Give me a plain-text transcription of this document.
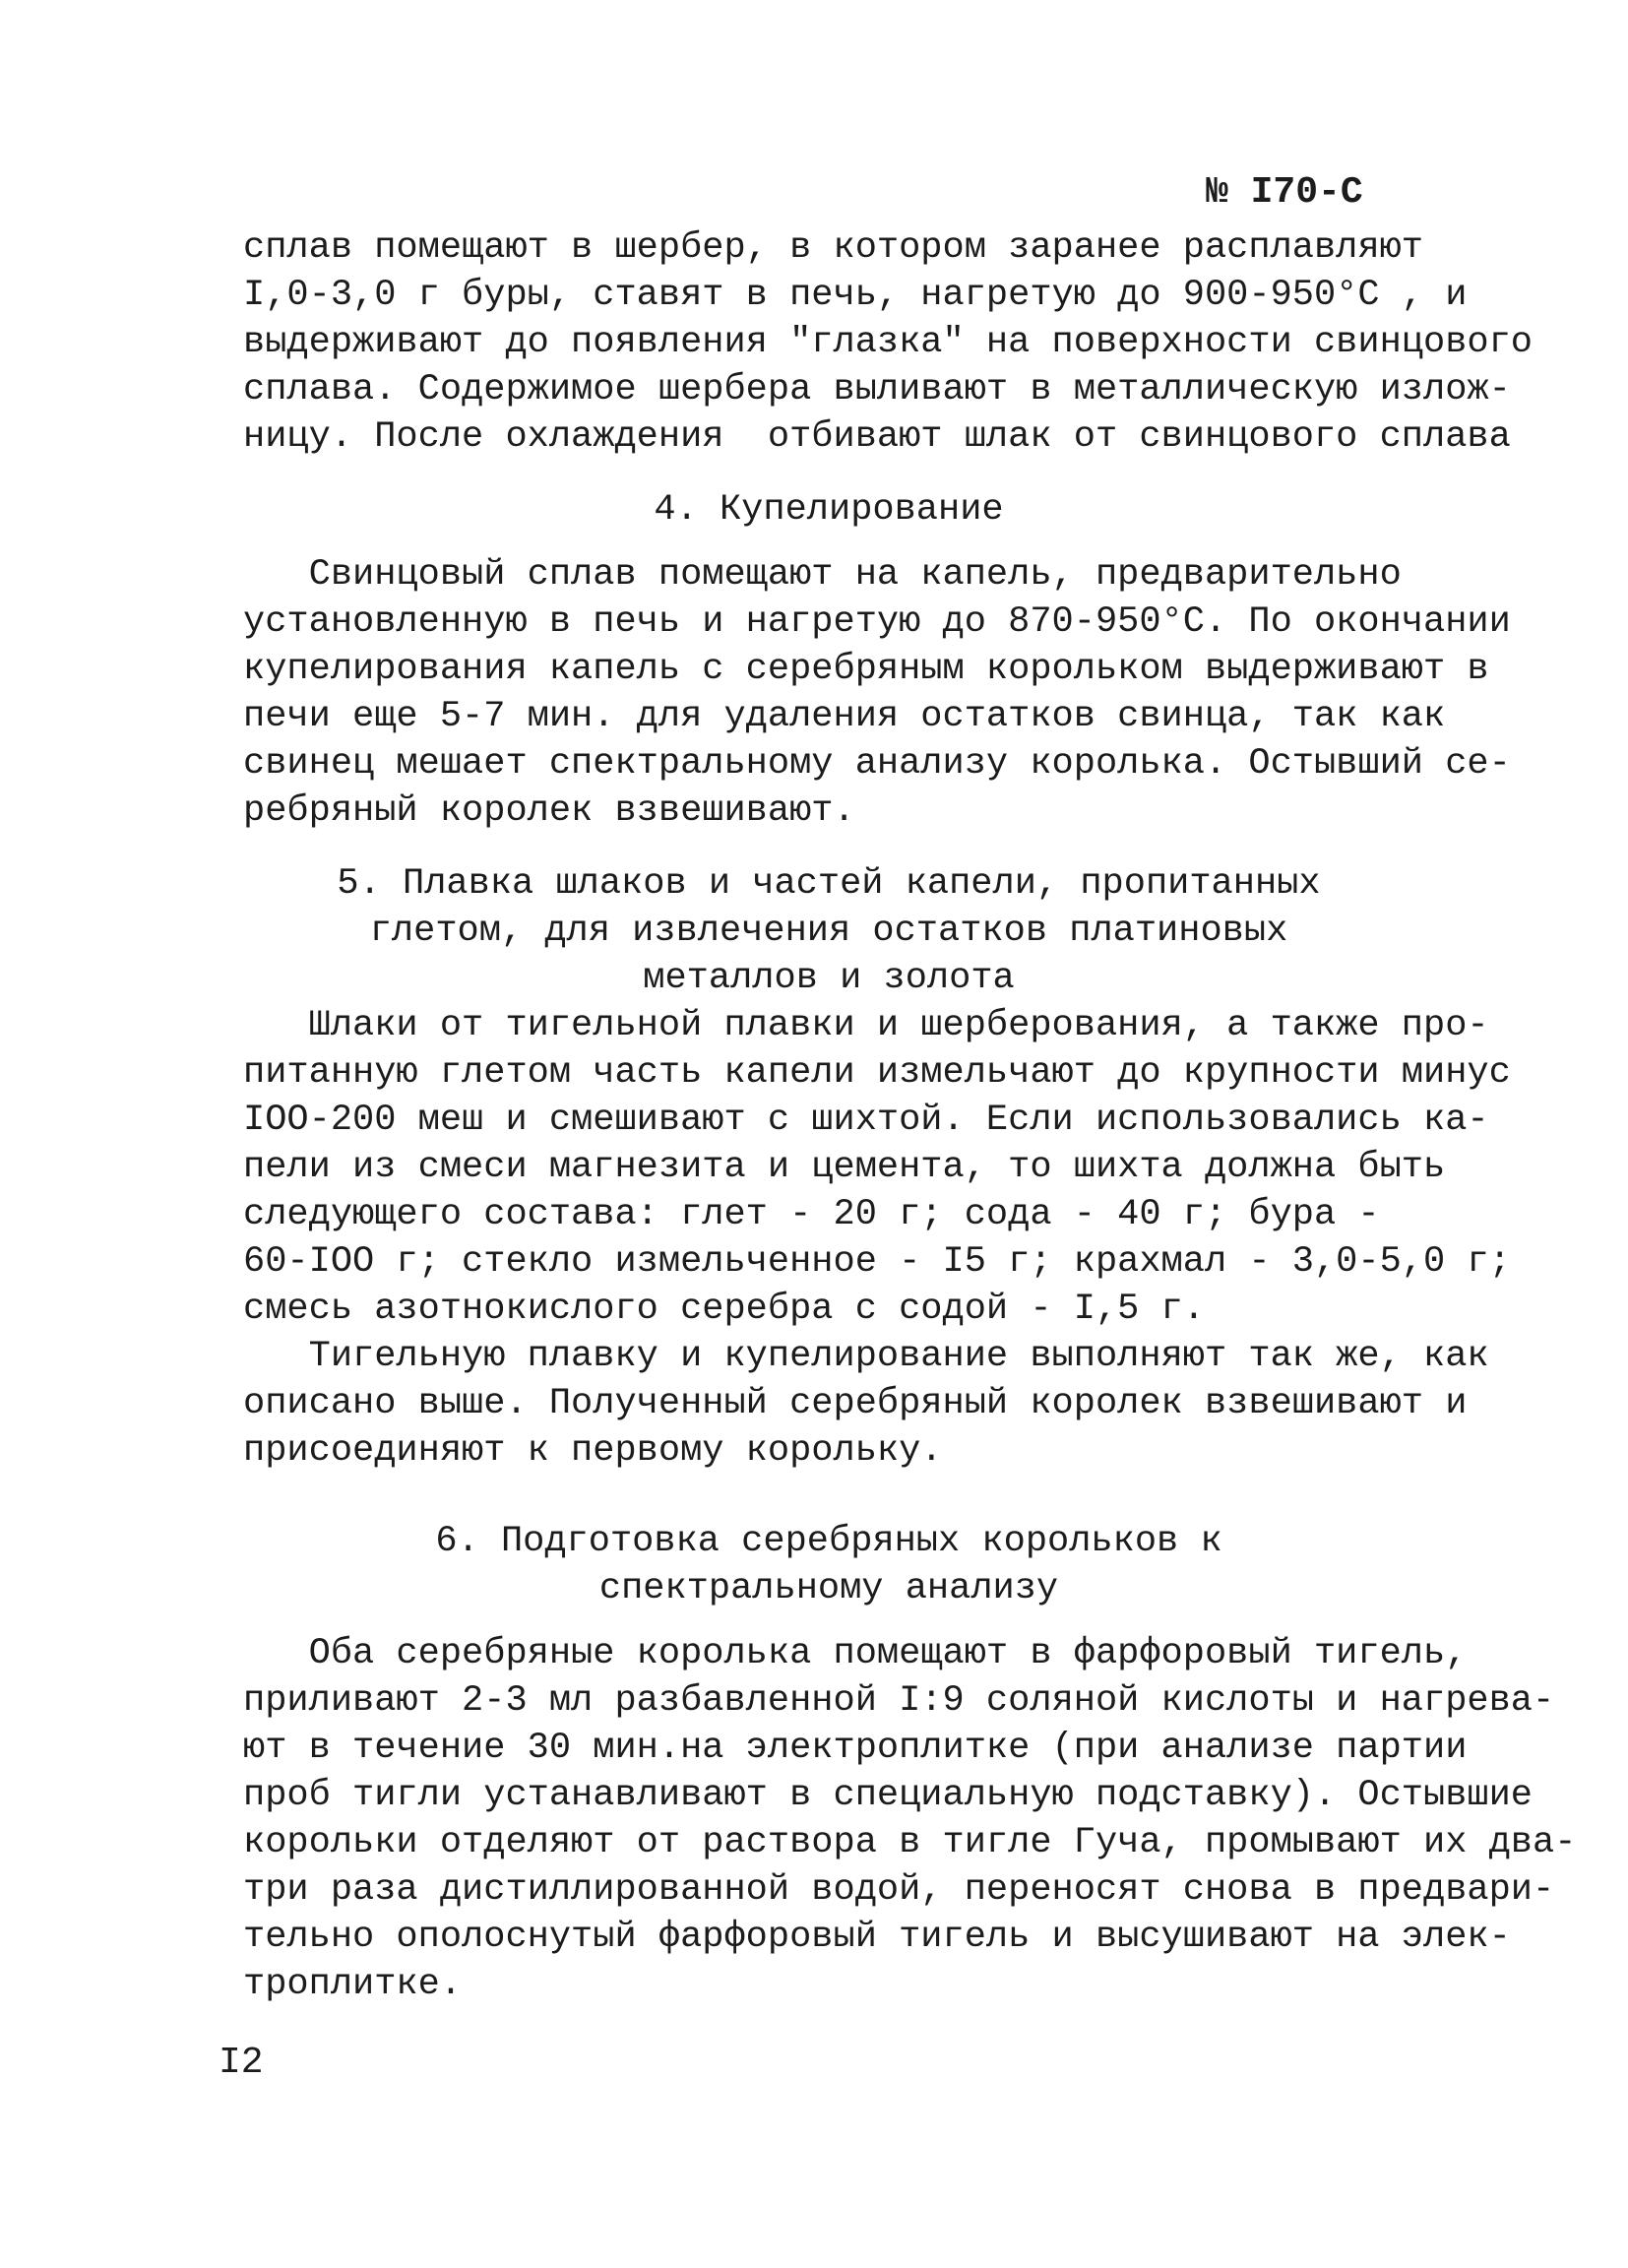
№ I70-С
сплав помещают в шербер, в котором заранее расплавляют
I,0-3,0 г буры, ставят в печь, нагретую до 900-950°С , и
выдерживают до появления "глазка" на поверхности свинцового
сплава. Содержимое шербера выливают в металлическую излож-
ницу. После охлаждения  отбивают шлак от свинцового сплава
4. Купелирование
Свинцовый сплав помещают на капель, предварительно
установленную в печь и нагретую до 870-950°С. По окончании
купелирования капель с серебряным корольком выдерживают в
печи еще 5-7 мин. для удаления остатков свинца, так как
свинец мешает спектральному анализу королька. Остывший се-
ребряный королек взвешивают.
5. Плавка шлаков и частей капели, пропитанных
глетом, для извлечения остатков платиновых
металлов и золота
Шлаки от тигельной плавки и шерберования, а также про-
питанную глетом часть капели измельчают до крупности минус
IOO-200 меш и смешивают с шихтой. Если использовались ка-
пели из смеси магнезита и цемента, то шихта должна быть
следующего состава: глет - 20 г; сода - 40 г; бура -
60-IOO г; стекло измельченное - I5 г; крахмал - 3,0-5,0 г;
смесь азотнокислого серебра с содой - I,5 г.
Тигельную плавку и купелирование выполняют так же, как
описано выше. Полученный серебряный королек взвешивают и
присоединяют к первому корольку.
6. Подготовка серебряных корольков к
спектральному анализу
Оба серебряные королька помещают в фарфоровый тигель,
приливают 2-3 мл разбавленной I:9 соляной кислоты и нагрева-
ют в течение 30 мин.на электроплитке (при анализе партии
проб тигли устанавливают в специальную подставку). Остывшие
корольки отделяют от раствора в тигле Гуча, промывают их два-
три раза дистиллированной водой, переносят снова в предвари-
тельно ополоснутый фарфоровый тигель и высушивают на элек-
троплитке.
I2
